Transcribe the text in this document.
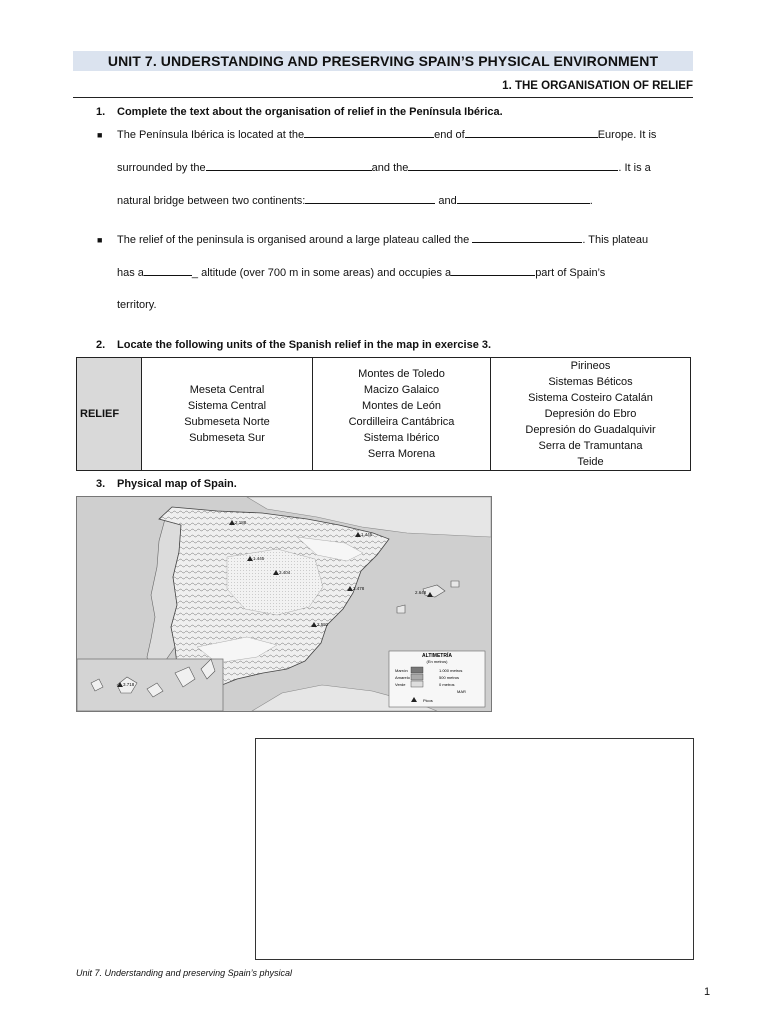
UNIT 7. UNDERSTANDING AND PRESERVING SPAIN’S PHYSICAL ENVIRONMENT
1. THE ORGANISATION OF RELIEF
1. Complete the text about the organisation of relief in the Península Ibérica.
■ The Península Ibérica is located at the	end of	Europe. It is
surrounded by the	and the	. It is a
natural bridge between two continents:	and	.
■ The relief of the peninsula is organised around a large plateau called the	. This plateau
has a	_ altitude (over 700 m in some areas) and occupies a	part of Spain’s
territory.
2. Locate the following units of the Spanish relief in the map in exercise 3.
RELIEF	
Meseta Central
Sistema Central
Submeseta Norte
Submeseta Sur

Montes de Toledo
Macizo Galaico
Montes de León
Cordilleira Cantábrica
Sistema Ibérico
Serra Morena

Pirineos
Sistemas Béticos
Sistema Costeiro Catalán
Depresión do Ebro
Depresión do Guadalquivir
Serra de Tramuntana
Teide
3. Physical map of Spain.
2.188
3.404
1.445
3.478
2.592
2.648
1.445
3.718
ALTIMETRÍA
(En metros)
Marrón
Amarelo
Verde
1.000 metros
500 metros
0 metros
MAR
Picos
Unit 7. Understanding and preserving Spain’s physical
1
